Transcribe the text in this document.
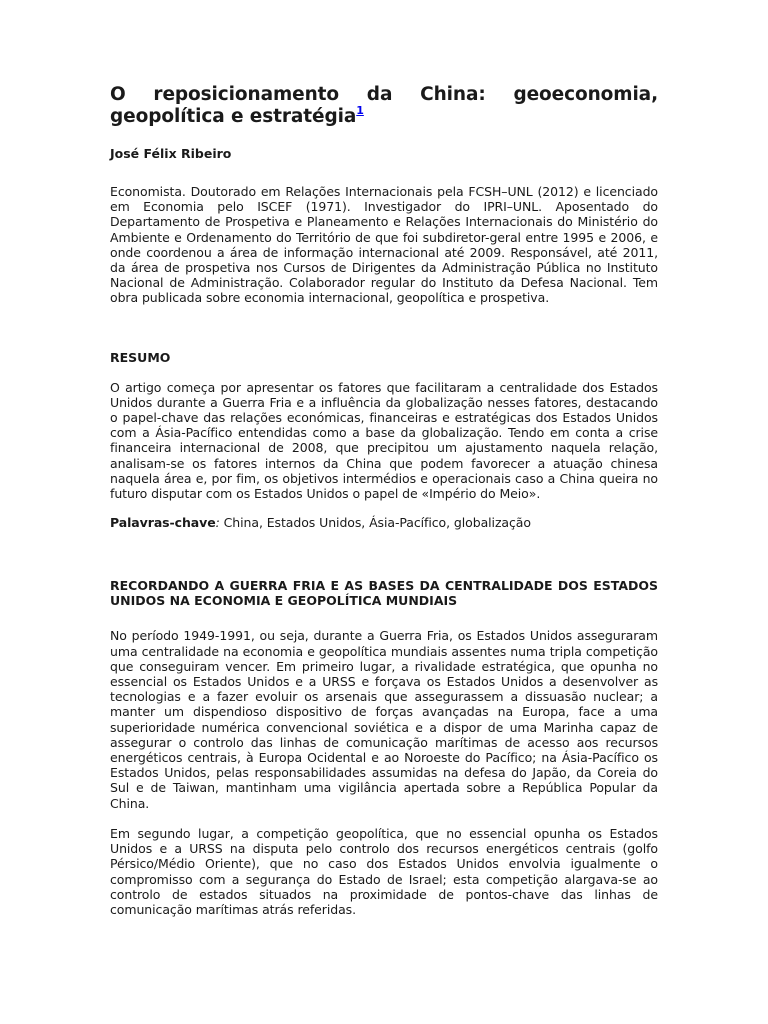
O reposicionamento da China: geoeconomia, geopolítica e estratégia$^1$
José Félix Ribeiro

Economista. Doutorado em Relações Internacionais pela FCSH–UNL (2012) e licenciado em Economia pelo ISCEF (1971). Investigador do IPRI–UNL. Aposentado do Departamento de Prospetiva e Planeamento e Relações Internacionais do Ministério do Ambiente e Ordenamento do Território de que foi subdiretor-geral entre 1995 e 2006, e onde coordenou a área de informação internacional até 2009. Responsável, até 2011, da área de prospetiva nos Cursos de Dirigentes da Administração Pública no Instituto Nacional de Administração. Colaborador regular do Instituto da Defesa Nacional. Tem obra publicada sobre economia internacional, geopolítica e prospetiva.

RESUMO

O artigo começa por apresentar os fatores que facilitaram a centralidade dos Estados Unidos durante a Guerra Fria e a influência da globalização nesses fatores, destacando o papel-chave das relações económicas, financeiras e estratégicas dos Estados Unidos com a Ásia-Pacífico entendidas como a base da globalização. Tendo em conta a crise financeira internacional de 2008, que precipitou um ajustamento naquela relação, analisam-se os fatores internos da China que podem favorecer a atuação chinesa naquela área e, por fim, os objetivos intermédios e operacionais caso a China queira no futuro disputar com os Estados Unidos o papel de «Império do Meio».

Palavras-chave: China, Estados Unidos, Ásia-Pacífico, globalização

RECORDANDO A GUERRA FRIA E AS BASES DA CENTRALIDADE DOS ESTADOS UNIDOS NA ECONOMIA E GEOPOLÍTICA MUNDIAIS

No período 1949-1991, ou seja, durante a Guerra Fria, os Estados Unidos asseguraram uma centralidade na economia e geopolítica mundiais assentes numa tripla competição que conseguiram vencer. Em primeiro lugar, a rivalidade estratégica, que opunha no essencial os Estados Unidos e a URSS e forçava os Estados Unidos a desenvolver as tecnologias e a fazer evoluir os arsenais que assegurassem a dissuasão nuclear; a manter um dispendioso dispositivo de forças avançadas na Europa, face a uma superioridade numérica convencional soviética e a dispor de uma Marinha capaz de assegurar o controlo das linhas de comunicação marítimas de acesso aos recursos energéticos centrais, à Europa Ocidental e ao Noroeste do Pacífico; na Ásia-Pacífico os Estados Unidos, pelas responsabilidades assumidas na defesa do Japão, da Coreia do Sul e de Taiwan, mantinham uma vigilância apertada sobre a República Popular da China.

Em segundo lugar, a competição geopolítica, que no essencial opunha os Estados Unidos e a URSS na disputa pelo controlo dos recursos energéticos centrais (golfo Pérsico/Médio Oriente), que no caso dos Estados Unidos envolvia igualmente o compromisso com a segurança do Estado de Israel; esta competição alargava-se ao controlo de estados situados na proximidade de pontos-chave das linhas de comunicação marítimas atrás referidas.
